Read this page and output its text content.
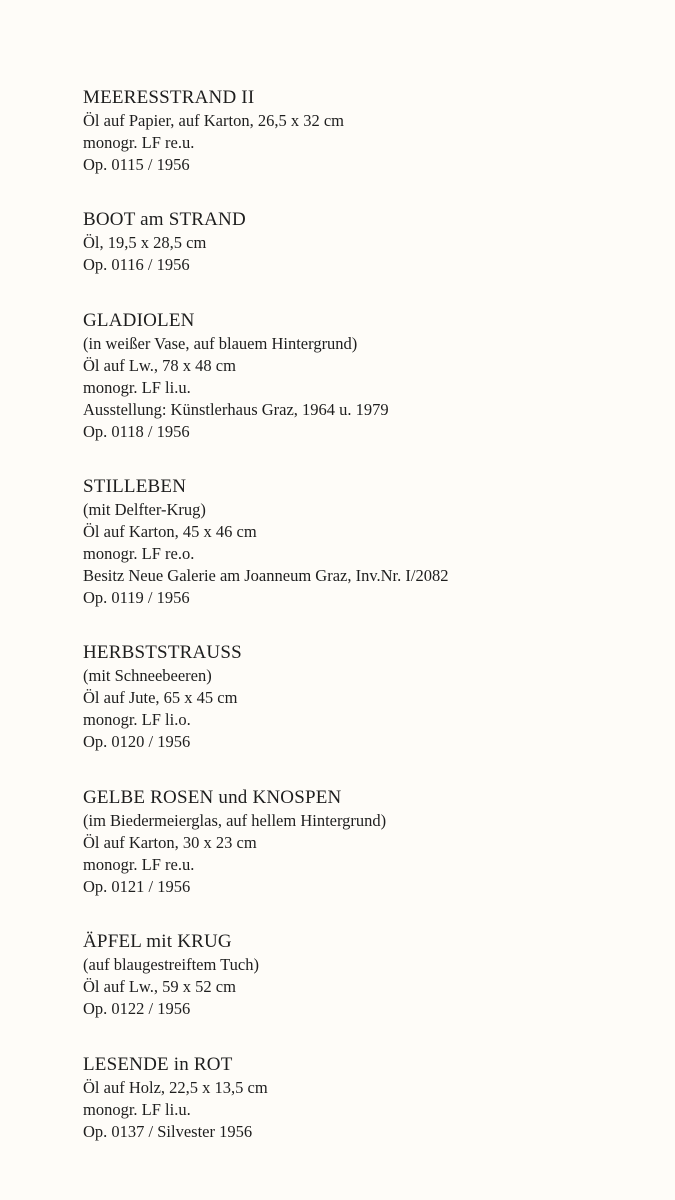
MEERESSTRAND II
Öl auf Papier, auf Karton, 26,5 x 32 cm
monogr. LF re.u.
Op. 0115 / 1956
BOOT am STRAND
Öl, 19,5 x 28,5 cm
Op. 0116 / 1956
GLADIOLEN
(in weißer Vase, auf blauem Hintergrund)
Öl auf Lw., 78 x 48 cm
monogr. LF li.u.
Ausstellung: Künstlerhaus Graz, 1964 u. 1979
Op. 0118 / 1956
STILLEBEN
(mit Delfter-Krug)
Öl auf Karton, 45 x 46 cm
monogr. LF re.o.
Besitz Neue Galerie am Joanneum Graz, Inv.Nr. I/2082
Op. 0119 / 1956
HERBSTSTRAUSS
(mit Schneebeeren)
Öl auf Jute, 65 x 45 cm
monogr. LF li.o.
Op. 0120 / 1956
GELBE ROSEN und KNOSPEN
(im Biedermeierglas, auf hellem Hintergrund)
Öl auf Karton, 30 x 23 cm
monogr. LF re.u.
Op. 0121 / 1956
ÄPFEL mit KRUG
(auf blaugestreiftem Tuch)
Öl auf Lw., 59 x 52 cm
Op. 0122 / 1956
LESENDE in ROT
Öl auf Holz, 22,5 x 13,5 cm
monogr. LF li.u.
Op. 0137 / Silvester 1956
